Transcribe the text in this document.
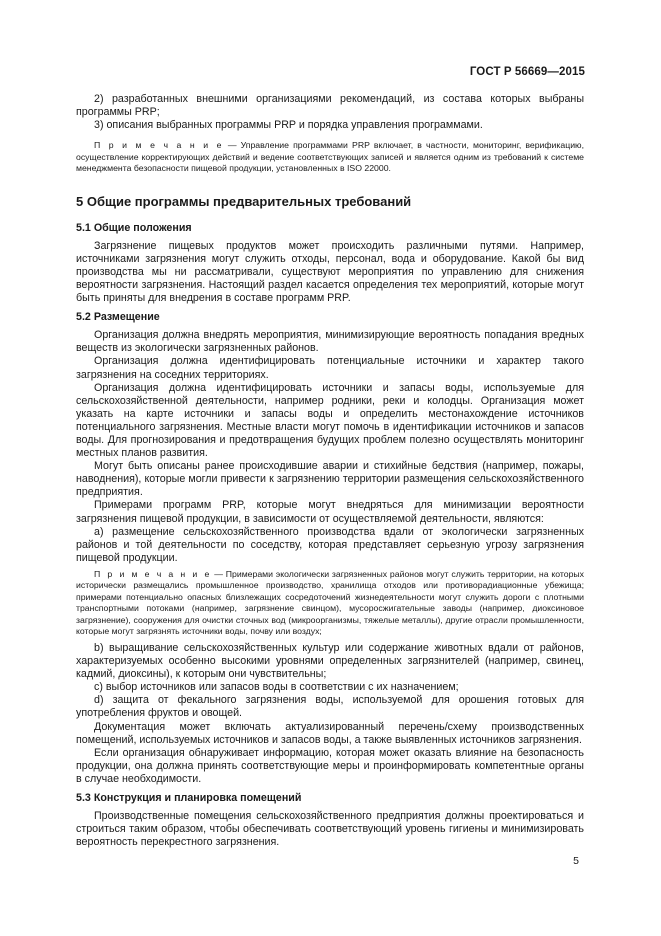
ГОСТ Р 56669—2015

2) разработанных внешними организациями рекомендаций, из состава которых выбраны программы PRP;

3) описания выбранных программы PRP и порядка управления программами.

П р и м е ч а н и е — Управление программами PRP включает, в частности, мониторинг, верификацию, осуществление корректирующих действий и ведение соответствующих записей и является одним из требований к системе менеджмента безопасности пищевой продукции, установленных в ISO 22000.

5 Общие программы предварительных требований
5.1 Общие положения

Загрязнение пищевых продуктов может происходить различными путями. Например, источниками загрязнения могут служить отходы, персонал, вода и оборудование. Какой бы вид производства мы ни рассматривали, существуют мероприятия по управлению для снижения вероятности загрязнения. Настоящий раздел касается определения тех мероприятий, которые могут быть приняты для внедрения в составе программ PRP.

5.2 Размещение

Организация должна внедрять мероприятия, минимизирующие вероятность попадания вредных веществ из экологически загрязненных районов.

Организация должна идентифицировать потенциальные источники и характер такого загрязнения на соседних территориях.

Организация должна идентифицировать источники и запасы воды, используемые для сельскохозяйственной деятельности, например родники, реки и колодцы. Организация может указать на карте источники и запасы воды и определить местонахождение источников потенциального загрязнения. Местные власти могут помочь в идентификации источников и запасов воды. Для прогнозирования и предотвращения будущих проблем полезно осуществлять мониторинг местных планов развития.

Могут быть описаны ранее происходившие аварии и стихийные бедствия (например, пожары, наводнения), которые могли привести к загрязнению территории размещения сельскохозяйственного предприятия.

Примерами программ PRP, которые могут внедряться для минимизации вероятности загрязнения пищевой продукции, в зависимости от осуществляемой деятельности, являются:

а) размещение сельскохозяйственного производства вдали от экологически загрязненных районов и той деятельности по соседству, которая представляет серьезную угрозу загрязнения пищевой продукции.

П р и м е ч а н и е — Примерами экологически загрязненных районов могут служить территории, на которых исторически размещались промышленное производство, хранилища отходов или противорадиационные убежища; примерами потенциально опасных близлежащих сосредоточений жизнедеятельности могут служить дороги с плотными транспортными потоками (например, загрязнение свинцом), мусоросжигательные заводы (например, диоксиновое загрязнение), сооружения для очистки сточных вод (микроорганизмы, тяжелые металлы), другие отрасли промышленности, которые могут загрязнять источники воды, почву или воздух;

b) выращивание сельскохозяйственных культур или содержание животных вдали от районов, характеризуемых особенно высокими уровнями определенных загрязнителей (например, свинец, кадмий, диоксины), к которым они чувствительны;

c) выбор источников или запасов воды в соответствии с их назначением;

d) защита от фекального загрязнения воды, используемой для орошения готовых для употребления фруктов и овощей.

Документация может включать актуализированный перечень/схему производственных помещений, используемых источников и запасов воды, а также выявленных источников загрязнения.

Если организация обнаруживает информацию, которая может оказать влияние на безопасность продукции, она должна принять соответствующие меры и проинформировать компетентные органы в случае необходимости.

5.3 Конструкция и планировка помещений

Производственные помещения сельскохозяйственного предприятия должны проектироваться и строиться таким образом, чтобы обеспечивать соответствующий уровень гигиены и минимизировать вероятность перекрестного загрязнения.

5
